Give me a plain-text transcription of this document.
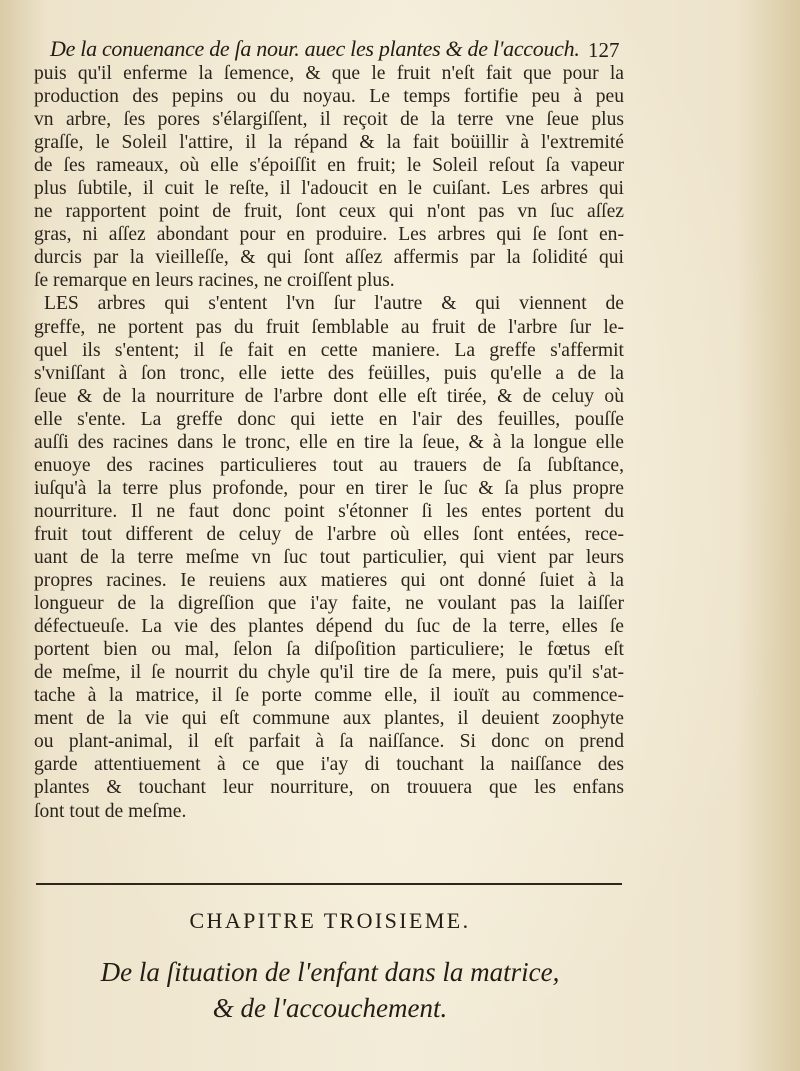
De la conuenance de ſa nour. auec les plantes & de l'accouch. 127
puis qu'il enferme la ſemence, & que le fruit n'eſt fait que pour la
production des pepins ou du noyau. Le temps fortifie peu à peu
vn arbre, ſes pores s'élargiſſent, il reçoit de la terre vne ſeue plus
graſſe, le Soleil l'attire, il la répand & la fait boüillir à l'extremité
de ſes rameaux, où elle s'époiſſit en fruit; le Soleil reſout ſa vapeur
plus ſubtile, il cuit le reſte, il l'adoucit en le cuiſant. Les arbres qui
ne rapportent point de fruit, ſont ceux qui n'ont pas vn ſuc aſſez
gras, ni aſſez abondant pour en produire. Les arbres qui ſe ſont en-
durcis par la vieilleſſe, & qui ſont aſſez affermis par la ſolidité qui
ſe remarque en leurs racines, ne croiſſent plus.
LES arbres qui s'entent l'vn ſur l'autre & qui viennent de
greffe, ne portent pas du fruit ſemblable au fruit de l'arbre ſur le-
quel ils s'entent; il ſe fait en cette maniere. La greffe s'affermit
s'vniſſant à ſon tronc, elle iette des feüilles, puis qu'elle a de la
ſeue & de la nourriture de l'arbre dont elle eſt tirée, & de celuy où
elle s'ente. La greffe donc qui iette en l'air des feuilles, pouſſe
auſſi des racines dans le tronc, elle en tire la ſeue, & à la longue elle
enuoye des racines particulieres tout au trauers de ſa ſubſtance,
iuſqu'à la terre plus profonde, pour en tirer le ſuc & ſa plus propre
nourriture. Il ne faut donc point s'étonner ſi les entes portent du
fruit tout different de celuy de l'arbre où elles ſont entées, rece-
uant de la terre meſme vn ſuc tout particulier, qui vient par leurs
propres racines. Ie reuiens aux matieres qui ont donné ſuiet à la
longueur de la digreſſion que i'ay faite, ne voulant pas la laiſſer
défectueuſe. La vie des plantes dépend du ſuc de la terre, elles ſe
portent bien ou mal, ſelon ſa diſpoſition particuliere; le fœtus eſt
de meſme, il ſe nourrit du chyle qu'il tire de ſa mere, puis qu'il s'at-
tache à la matrice, il ſe porte comme elle, il iouït au commence-
ment de la vie qui eſt commune aux plantes, il deuient zoophyte
ou plant-animal, il eſt parfait à ſa naiſſance. Si donc on prend
garde attentiuement à ce que i'ay di touchant la naiſſance des
plantes & touchant leur nourriture, on trouuera que les enfans
ſont tout de meſme.
CHAPITRE TROISIEME.
De la ſituation de l'enfant dans la matrice,
& de l'accouchement.
